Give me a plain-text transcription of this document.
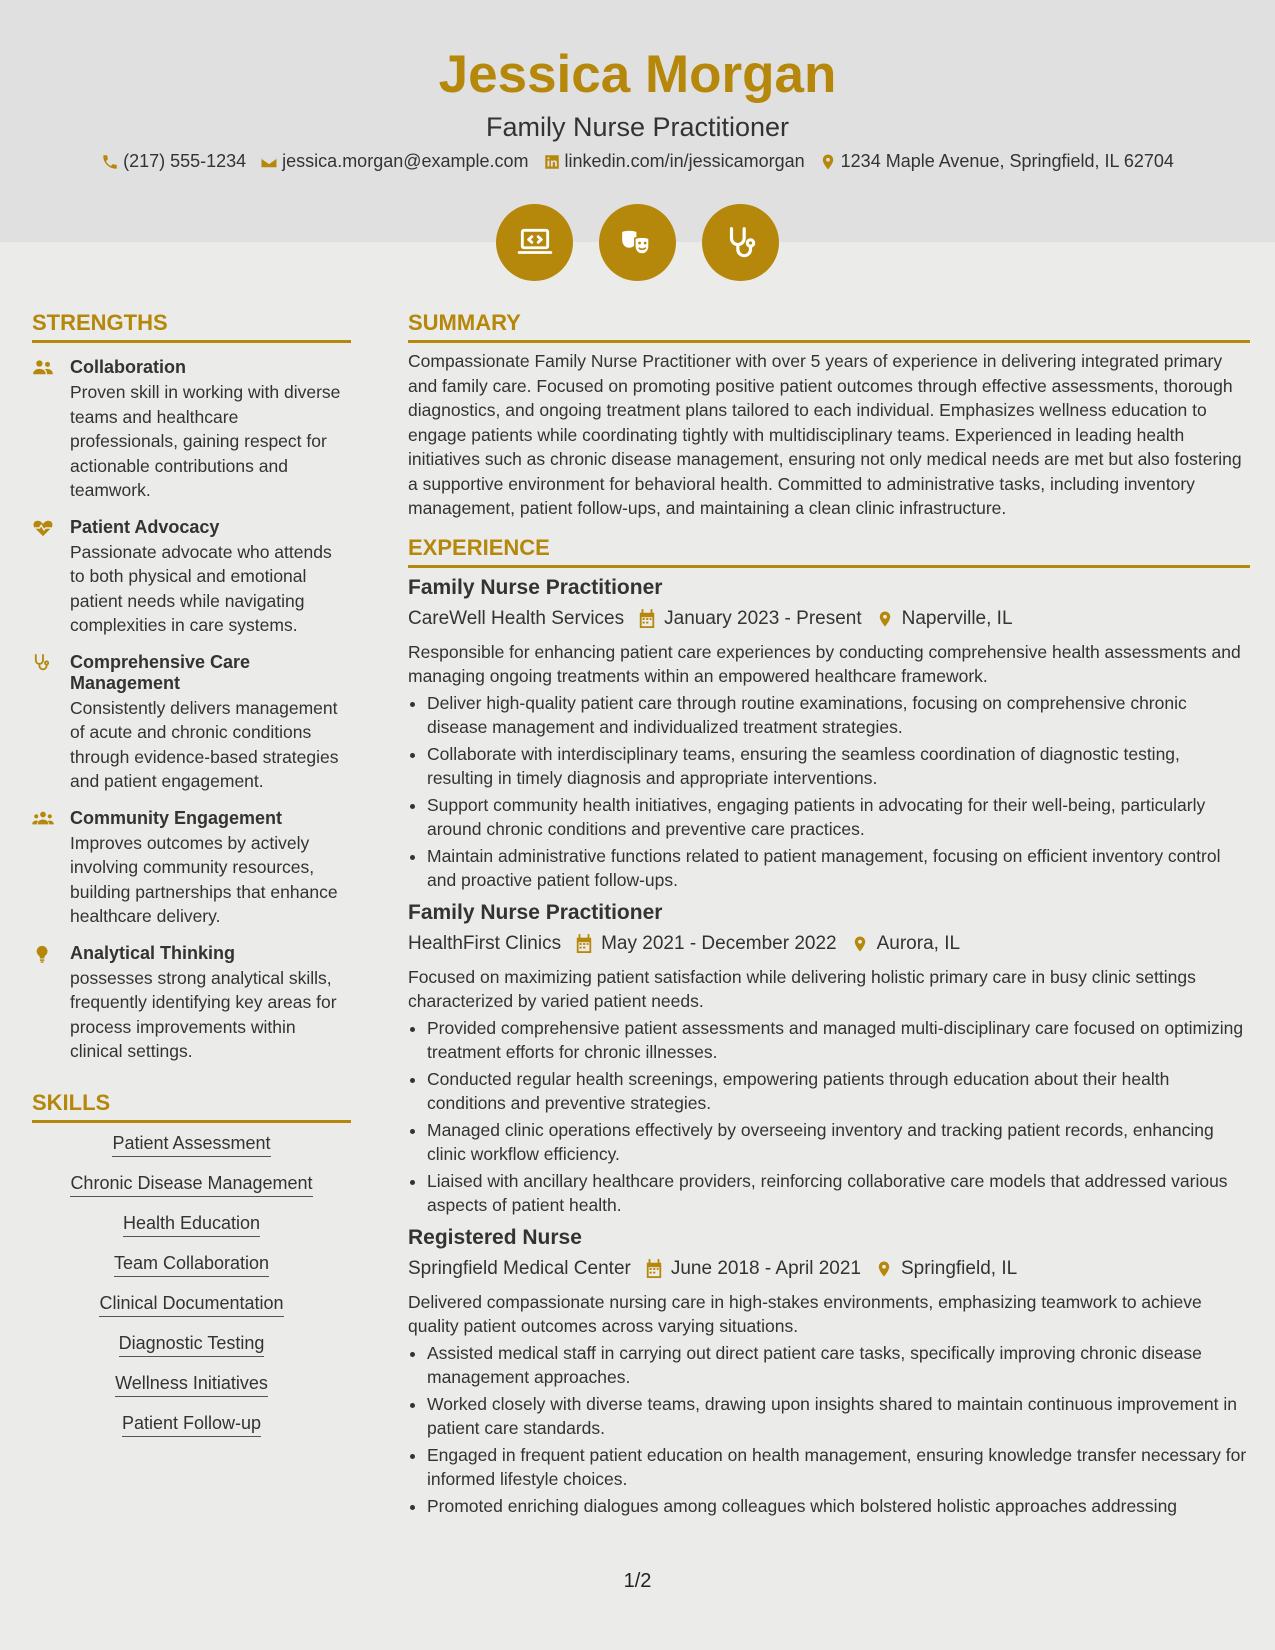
Jessica Morgan
Family Nurse Practitioner
(217) 555-1234 jessica.morgan@example.com linkedin.com/in/jessicamorgan 1234 Maple Avenue, Springfield, IL 62704
STRENGTHS
Collaboration
Proven skill in working with diverse teams and healthcare professionals, gaining respect for actionable contributions and teamwork.
Patient Advocacy
Passionate advocate who attends to both physical and emotional patient needs while navigating complexities in care systems.
Comprehensive Care Management
Consistently delivers management of acute and chronic conditions through evidence-based strategies and patient engagement.
Community Engagement
Improves outcomes by actively involving community resources, building partnerships that enhance healthcare delivery.
Analytical Thinking
possesses strong analytical skills, frequently identifying key areas for process improvements within clinical settings.
SKILLS
Patient Assessment
Chronic Disease Management
Health Education
Team Collaboration
Clinical Documentation
Diagnostic Testing
Wellness Initiatives
Patient Follow-up
SUMMARY

Compassionate Family Nurse Practitioner with over 5 years of experience in delivering integrated primary and family care. Focused on promoting positive patient outcomes through effective assessments, thorough diagnostics, and ongoing treatment plans tailored to each individual. Emphasizes wellness education to engage patients while coordinating tightly with multidisciplinary teams. Experienced in leading health initiatives such as chronic disease management, ensuring not only medical needs are met but also fostering a supportive environment for behavioral health. Committed to administrative tasks, including inventory management, patient follow-ups, and maintaining a clean clinic infrastructure.

EXPERIENCE
Family Nurse Practitioner
CareWell Health Services January 2023 - Present Naperville, IL
Responsible for enhancing patient care experiences by conducting comprehensive health assessments and managing ongoing treatments within an empowered healthcare framework.
• Deliver high-quality patient care through routine examinations, focusing on comprehensive chronic disease management and individualized treatment strategies.
• Collaborate with interdisciplinary teams, ensuring the seamless coordination of diagnostic testing, resulting in timely diagnosis and appropriate interventions.
• Support community health initiatives, engaging patients in advocating for their well-being, particularly around chronic conditions and preventive care practices.
• Maintain administrative functions related to patient management, focusing on efficient inventory control and proactive patient follow-ups.
Family Nurse Practitioner
HealthFirst Clinics May 2021 - December 2022 Aurora, IL
Focused on maximizing patient satisfaction while delivering holistic primary care in busy clinic settings characterized by varied patient needs.
• Provided comprehensive patient assessments and managed multi-disciplinary care focused on optimizing treatment efforts for chronic illnesses.
• Conducted regular health screenings, empowering patients through education about their health conditions and preventive strategies.
• Managed clinic operations effectively by overseeing inventory and tracking patient records, enhancing clinic workflow efficiency.
• Liaised with ancillary healthcare providers, reinforcing collaborative care models that addressed various aspects of patient health.
Registered Nurse
Springfield Medical Center June 2018 - April 2021 Springfield, IL
Delivered compassionate nursing care in high-stakes environments, emphasizing teamwork to achieve quality patient outcomes across varying situations.
• Assisted medical staff in carrying out direct patient care tasks, specifically improving chronic disease management approaches.
• Worked closely with diverse teams, drawing upon insights shared to maintain continuous improvement in patient care standards.
• Engaged in frequent patient education on health management, ensuring knowledge transfer necessary for informed lifestyle choices.
• Promoted enriching dialogues among colleagues which bolstered holistic approaches addressing
1/2
